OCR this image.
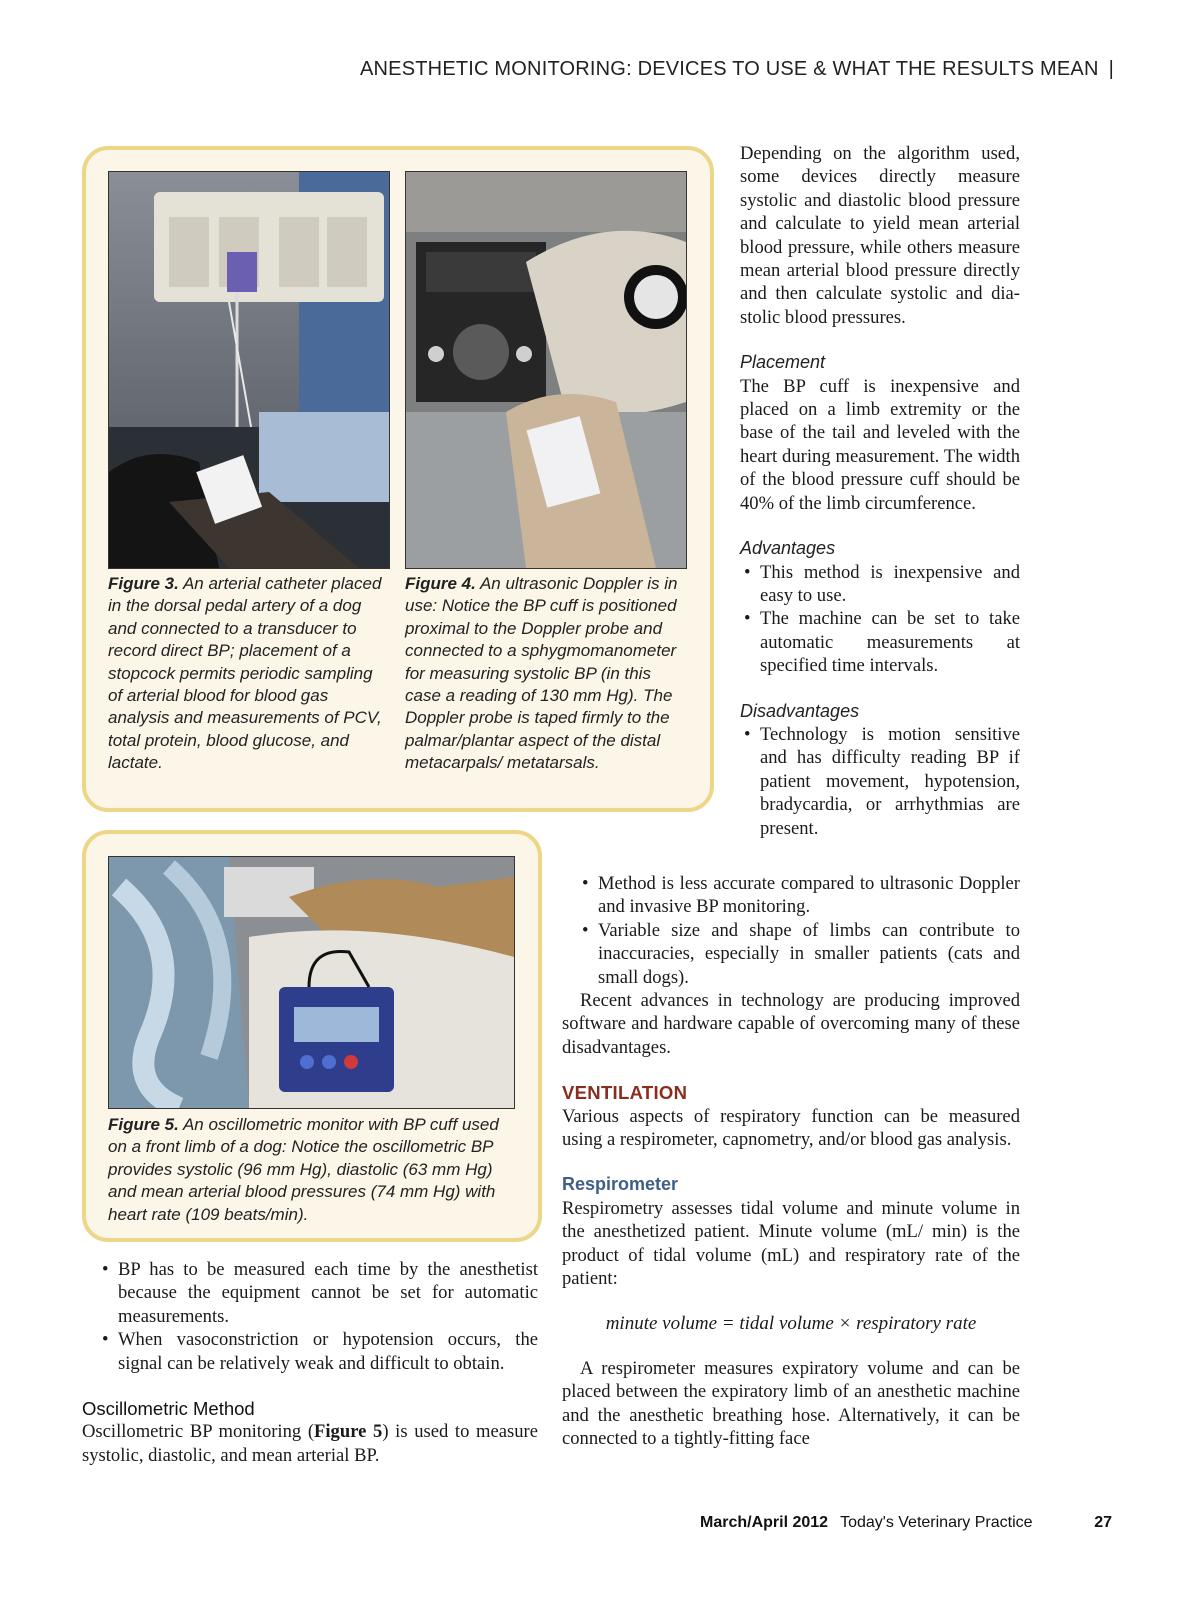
ANESTHETIC MONITORING: DEVICES TO USE & WHAT THE RESULTS MEAN |
Figure 3. An arterial catheter placed in the dorsal pedal artery of a dog and connected to a transducer to record direct BP; placement of a stopcock permits periodic sampling of arterial blood for blood gas analysis and measurements of PCV, total protein, blood glucose, and lactate.
Figure 4. An ultrasonic Doppler is in use: Notice the BP cuff is positioned proximal to the Doppler probe and connected to a sphygmomanometer for measuring systolic BP (in this case a reading of 130 mm Hg). The Doppler probe is taped firmly to the palmar/plantar aspect of the distal metacarpals/ metatarsals.
Figure 5. An oscillometric monitor with BP cuff used on a front limb of a dog: Notice the oscillometric BP provides systolic (96 mm Hg), diastolic (63 mm Hg) and mean arterial blood pressures (74 mm Hg) with heart rate (109 beats/min).

Depending on the algorithm used, some devices directly measure systolic and diastolic blood pressure and calculate to yield mean arterial blood pressure, while others measure mean arterial blood pressure directly and then calculate systolic and diastolic blood pressures.

Placement

The BP cuff is inexpensive and placed on a limb extremity or the base of the tail and leveled with the heart during measurement. The width of the blood pressure cuff should be 40% of the limb circumference.

Advantages

• This method is inexpensive and easy to use.
• The machine can be set to take automatic measurements at specified time intervals.

Disadvantages

• Technology is motion sensitive and has difficulty reading BP if patient movement, hypotension, bradycardia, or arrhythmias are present.
• Method is less accurate compared to ultrasonic Doppler and invasive BP monitoring.
• Variable size and shape of limbs can contribute to inaccuracies, especially in smaller patients (cats and small dogs).

Recent advances in technology are producing improved software and hardware capable of overcoming many of these disadvantages.

VENTILATION

Various aspects of respiratory function can be measured using a respirometer, capnometry, and/or blood gas analysis.

Respirometer

Respirometry assesses tidal volume and minute volume in the anesthetized patient. Minute volume (mL/ min) is the product of tidal volume (mL) and respiratory rate of the patient:

minute volume = tidal volume × respiratory rate

A respirometer measures expiratory volume and can be placed between the expiratory limb of an anesthetic machine and the anesthetic breathing hose. Alternatively, it can be connected to a tightly-fitting face

• BP has to be measured each time by the anesthetist because the equipment cannot be set for automatic measurements.
• When vasoconstriction or hypotension occurs, the signal can be relatively weak and difficult to obtain.

Oscillometric Method

Oscillometric BP monitoring (Figure 5) is used to measure systolic, diastolic, and mean arterial BP.

March/April 2012 Today's Veterinary Practice	27
